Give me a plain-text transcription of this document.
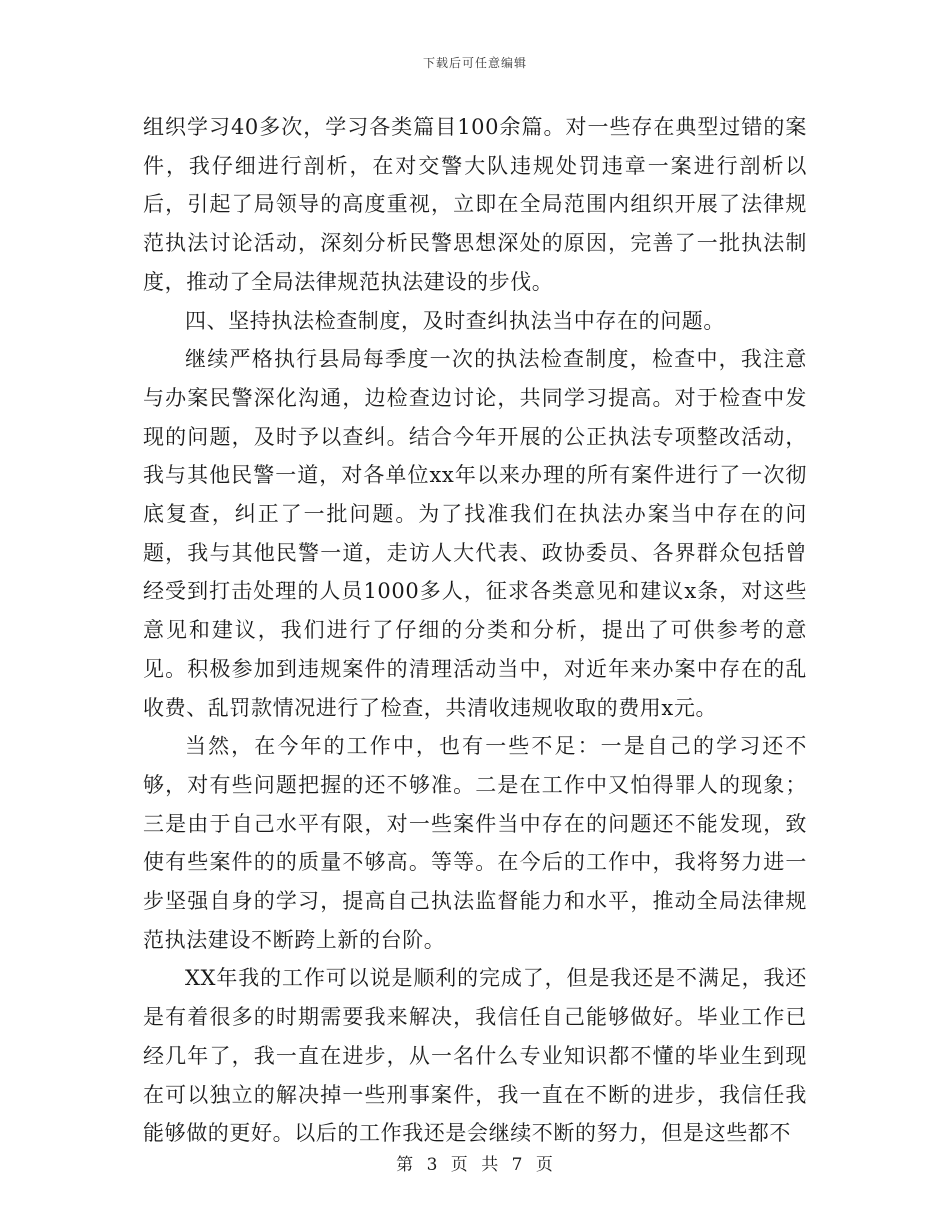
下载后可任意编辑

组织学习40多次，学习各类篇目100余篇。对一些存在典型过错的案件，我仔细进行剖析，在对交警大队违规处罚违章一案进行剖析以后，引起了局领导的高度重视，立即在全局范围内组织开展了法律规范执法讨论活动，深刻分析民警思想深处的原因，完善了一批执法制度，推动了全局法律规范执法建设的步伐。

四、坚持执法检查制度，及时查纠执法当中存在的问题。

继续严格执行县局每季度一次的执法检查制度，检查中，我注意与办案民警深化沟通，边检查边讨论，共同学习提高。对于检查中发现的问题，及时予以查纠。结合今年开展的公正执法专项整改活动，我与其他民警一道，对各单位xx年以来办理的所有案件进行了一次彻底复查，纠正了一批问题。为了找准我们在执法办案当中存在的问题，我与其他民警一道，走访人大代表、政协委员、各界群众包括曾经受到打击处理的人员1000多人，征求各类意见和建议x条，对这些意见和建议，我们进行了仔细的分类和分析，提出了可供参考的意见。积极参加到违规案件的清理活动当中，对近年来办案中存在的乱收费、乱罚款情况进行了检查，共清收违规收取的费用x元。

当然，在今年的工作中，也有一些不足：一是自己的学习还不够，对有些问题把握的还不够准。二是在工作中又怕得罪人的现象；三是由于自己水平有限，对一些案件当中存在的问题还不能发现，致使有些案件的的质量不够高。等等。在今后的工作中，我将努力进一步坚强自身的学习，提高自己执法监督能力和水平，推动全局法律规范执法建设不断跨上新的台阶。

XX年我的工作可以说是顺利的完成了，但是我还是不满足，我还是有着很多的时期需要我来解决，我信任自己能够做好。毕业工作已经几年了，我一直在进步，从一名什么专业知识都不懂的毕业生到现在可以独立的解决掉一些刑事案件，我一直在不断的进步，我信任我能够做的更好。以后的工作我还是会继续不断的努力，但是这些都不

第 3 页 共 7 页
